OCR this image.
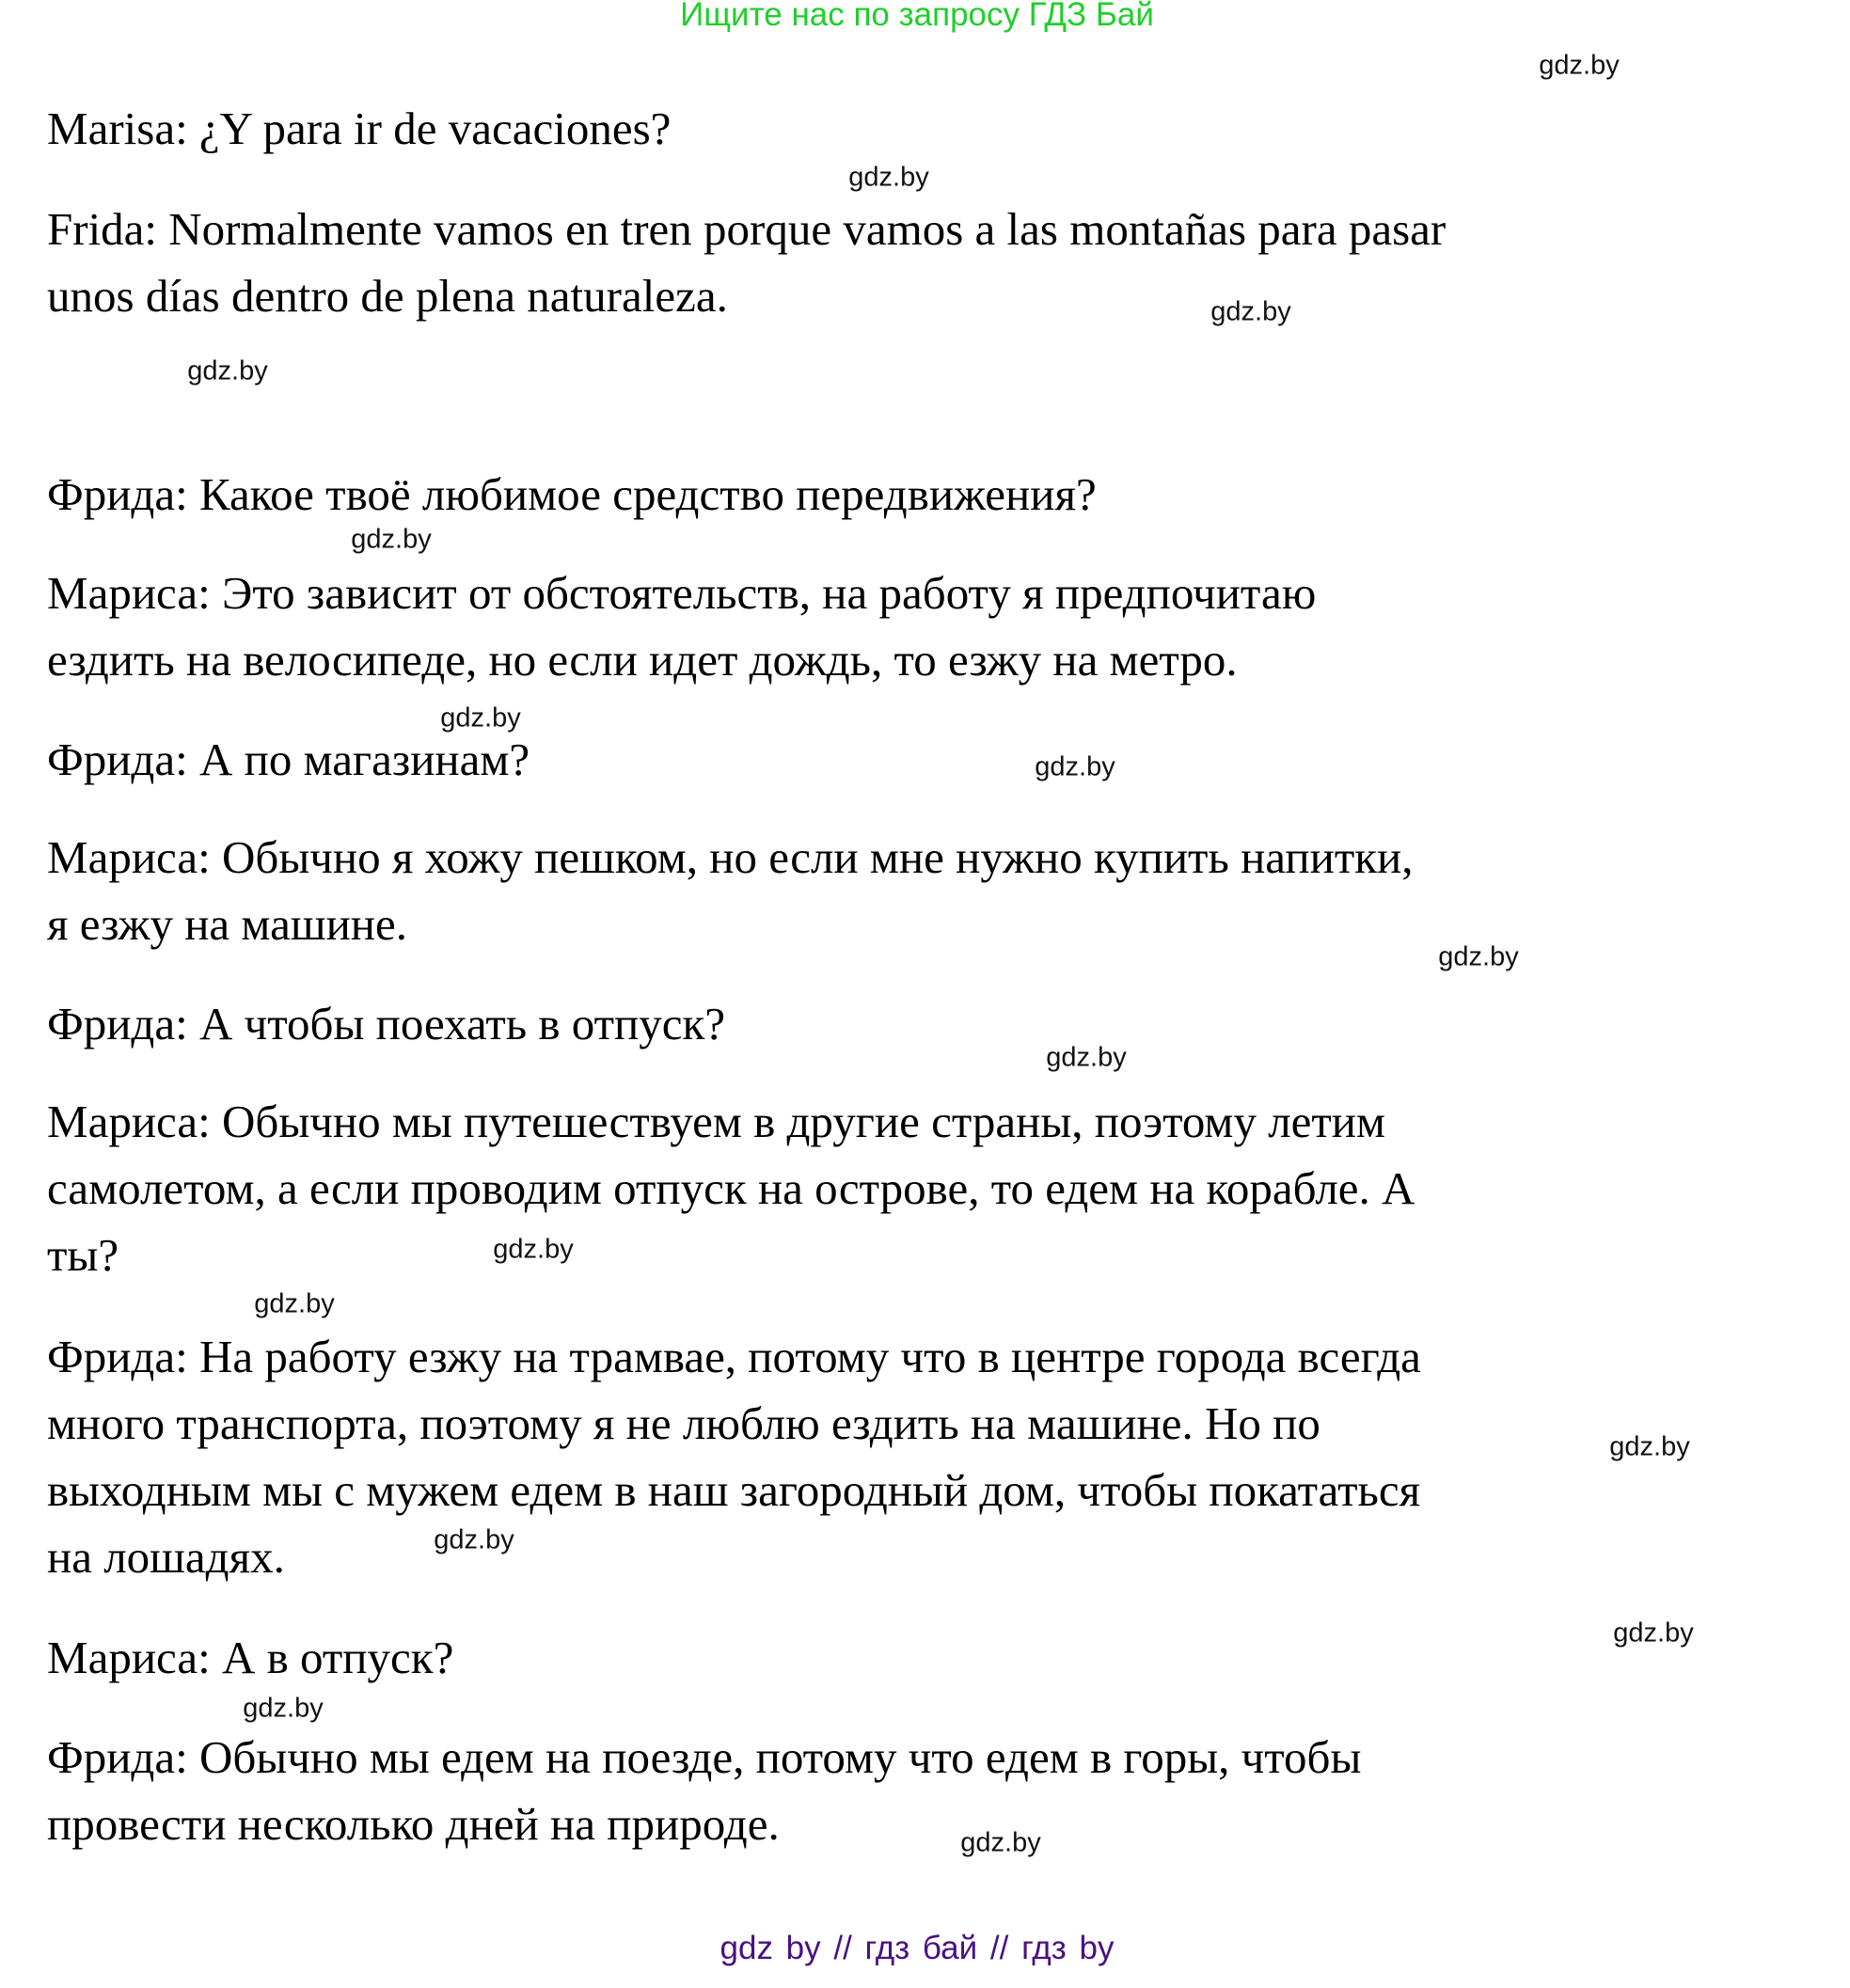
Ищите нас по запросу ГДЗ Бай
Marisa: ¿Y para ir de vacaciones?
Frida: Normalmente vamos en tren porque vamos a las montañas para pasar
unos días dentro de plena naturaleza.
Фрида: Какое твоё любимое средство передвижения?
Мариса: Это зависит от обстоятельств, на работу я предпочитаю
ездить на велосипеде, но если идет дождь, то езжу на метро.
Фрида: А по магазинам?
Мариса: Обычно я хожу пешком, но если мне нужно купить напитки,
я езжу на машине.
Фрида: А чтобы поехать в отпуск?
Мариса: Обычно мы путешествуем в другие страны, поэтому летим
самолетом, а если проводим отпуск на острове, то едем на корабле. А
ты?
Фрида: На работу езжу на трамвае, потому что в центре города всегда
много транспорта, поэтому я не люблю ездить на машине. Но по
выходным мы с мужем едем в наш загородный дом, чтобы покататься
на лошадях.
Мариса: А в отпуск?
Фрида: Обычно мы едем на поезде, потому что едем в горы, чтобы
провести несколько дней на природе.
gdz.by
gdz.by
gdz.by
gdz.by
gdz.by
gdz.by
gdz.by
gdz.by
gdz.by
gdz.by
gdz.by
gdz.by
gdz.by
gdz.by
gdz.by
gdz.by
gdz by // гдз бай // гдз by
